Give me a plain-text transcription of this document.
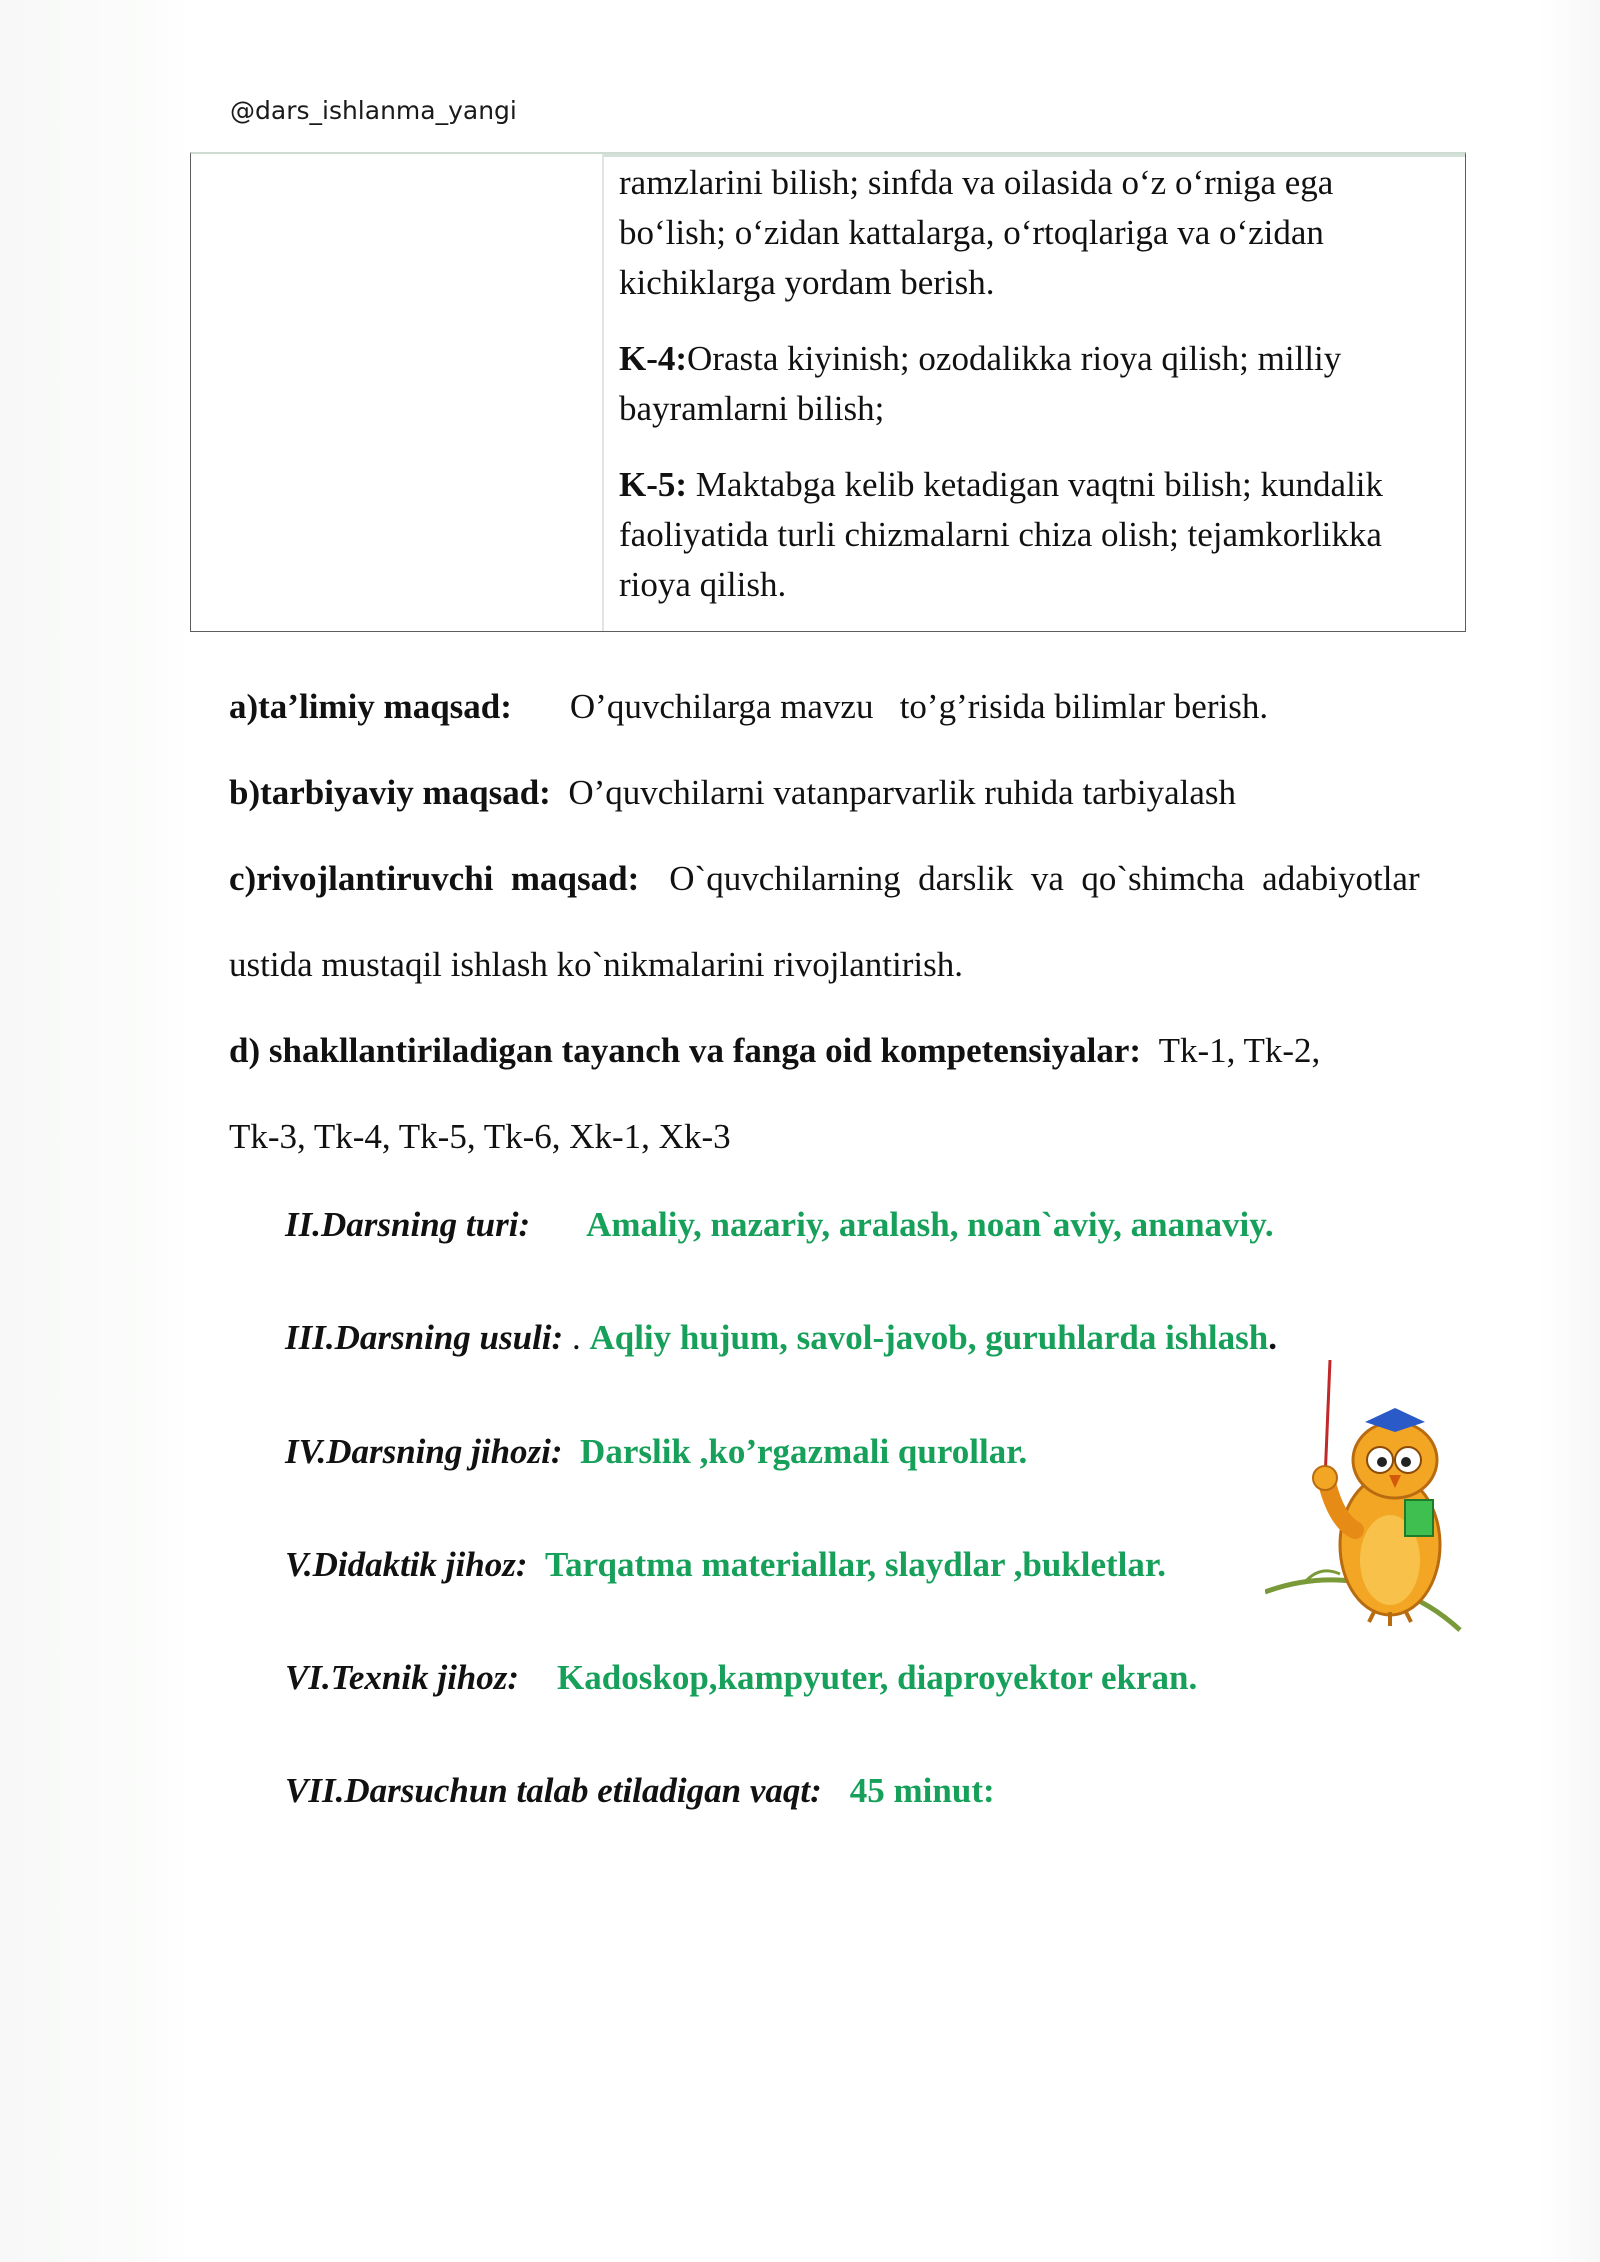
@dars_ishlanma_yangi

ramzlarini bilish; sinfda va oilasida o‘z o‘rniga ega bo‘lish; o‘zidan kattalarga, o‘rtoqlariga va o‘zidan kichiklarga yordam berish.

K-4:Orasta kiyinish; ozodalikka rioya qilish; milliy bayramlarni bilish;

K-5: Maktabga kelib ketadigan vaqtni bilish; kundalik faoliyatida turli chizmalarni chiza olish; tejamkorlikka rioya qilish.

a)ta’limiy maqsad: O’quvchilarga mavzu   to’g’risida bilimlar berish.
b)tarbiyaviy maqsad: O’quvchilarni vatanparvarlik ruhida tarbiyalash
c)rivojlantiruvchi  maqsad: O`quvchilarning  darslik  va  qo`shimcha  adabiyotlar
ustida mustaqil ishlash ko`nikmalarini rivojlantirish.
d) shakllantiriladigan tayanch va fanga oid kompetensiyalar: Tk-1, Tk-2,
Tk-3, Tk-4, Tk-5, Tk-6, Xk-1, Xk-3
II.Darsning turi: Amaliy, nazariy, aralash, noan`aviy, ananaviy.
III.Darsning usuli: . Aqliy hujum, savol-javob, guruhlarda ishlash.
IV.Darsning jihozi: Darslik ,ko’rgazmali qurollar.
V.Didaktik jihoz: Tarqatma materiallar, slaydlar ,bukletlar.
VI.Texnik jihoz: Kadoskop,kampyuter, diaproyektor ekran.
VII.Darsuchun talab etiladigan vaqt: 45 minut:
